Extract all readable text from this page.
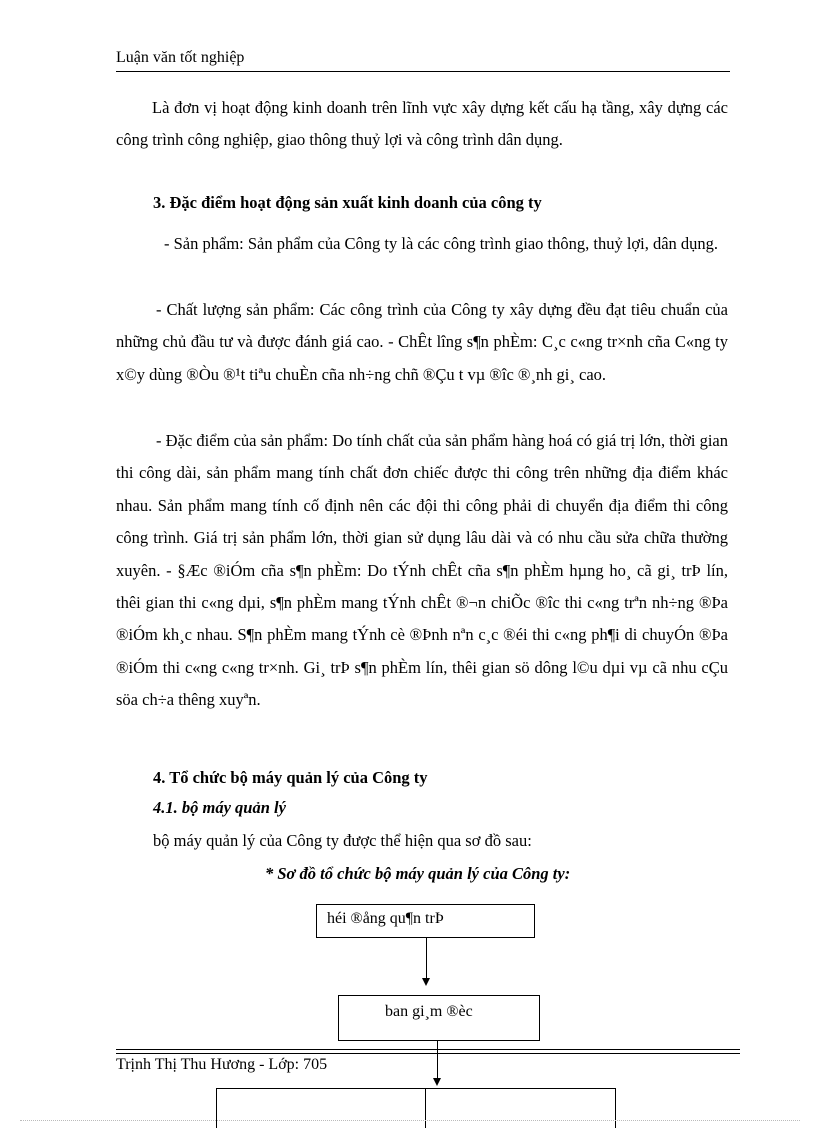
Luận văn tốt nghiệp

Là đơn vị hoạt động kinh doanh trên lĩnh vực xây dựng kết cấu hạ tầng, xây dựng các công trình công nghiệp, giao thông thuỷ lợi và công trình dân dụng.

3. Đặc điểm hoạt động sản xuất kinh doanh của công ty

- Sản phẩm: Sản phẩm của Công ty là các công trình giao thông, thuỷ lợi, dân dụng.

- Chất lượng sản phẩm: Các công trình của Công ty xây dựng đều đạt tiêu chuẩn của những chủ đầu tư và được đánh giá cao. - ChÊt lîng s¶n phÈm: C¸c c«ng tr×nh cña C«ng ty x©y dùng ®Òu ®¹t tiªu chuÈn cña nh÷ng chñ ®Çu t vµ ®îc ®¸nh gi¸ cao.

- Đặc điểm của sản phẩm: Do tính chất của sản phẩm hàng hoá có giá trị lớn, thời gian thi công dài, sản phẩm mang tính chất đơn chiếc được thi công trên những địa điểm khác nhau. Sản phẩm mang tính cố định nên các đội thi công phải di chuyển địa điểm thi công công trình. Giá trị sản phẩm lớn, thời gian sử dụng lâu dài và có nhu cầu sửa chữa thường xuyên. - §Æc ®iÓm cña s¶n phÈm: Do tÝnh chÊt cña s¶n phÈm hµng ho¸ cã gi¸ trÞ lín, thêi gian thi c«ng dµi, s¶n phÈm mang tÝnh chÊt ®¬n chiÕc ®îc thi c«ng trªn nh÷ng ®Þa ®iÓm kh¸c nhau. S¶n phÈm mang tÝnh cè ®Þnh nªn c¸c ®éi thi c«ng ph¶i di chuyÓn ®Þa ®iÓm thi c«ng c«ng tr×nh. Gi¸ trÞ s¶n phÈm lín, thêi gian sö dông l©u dµi vµ cã nhu cÇu söa ch÷a thêng xuyªn.

4. Tổ chức bộ máy quản lý của Công ty
4.1. bộ máy quản lý
bộ máy quản lý của Công ty được thể hiện qua sơ đồ sau:
* Sơ đồ tổ chức bộ máy quản lý của Công ty:
héi ®ång qu¶n trÞ
ban gi¸m ®èc
Trịnh Thị Thu Hương - Lớp: 705
